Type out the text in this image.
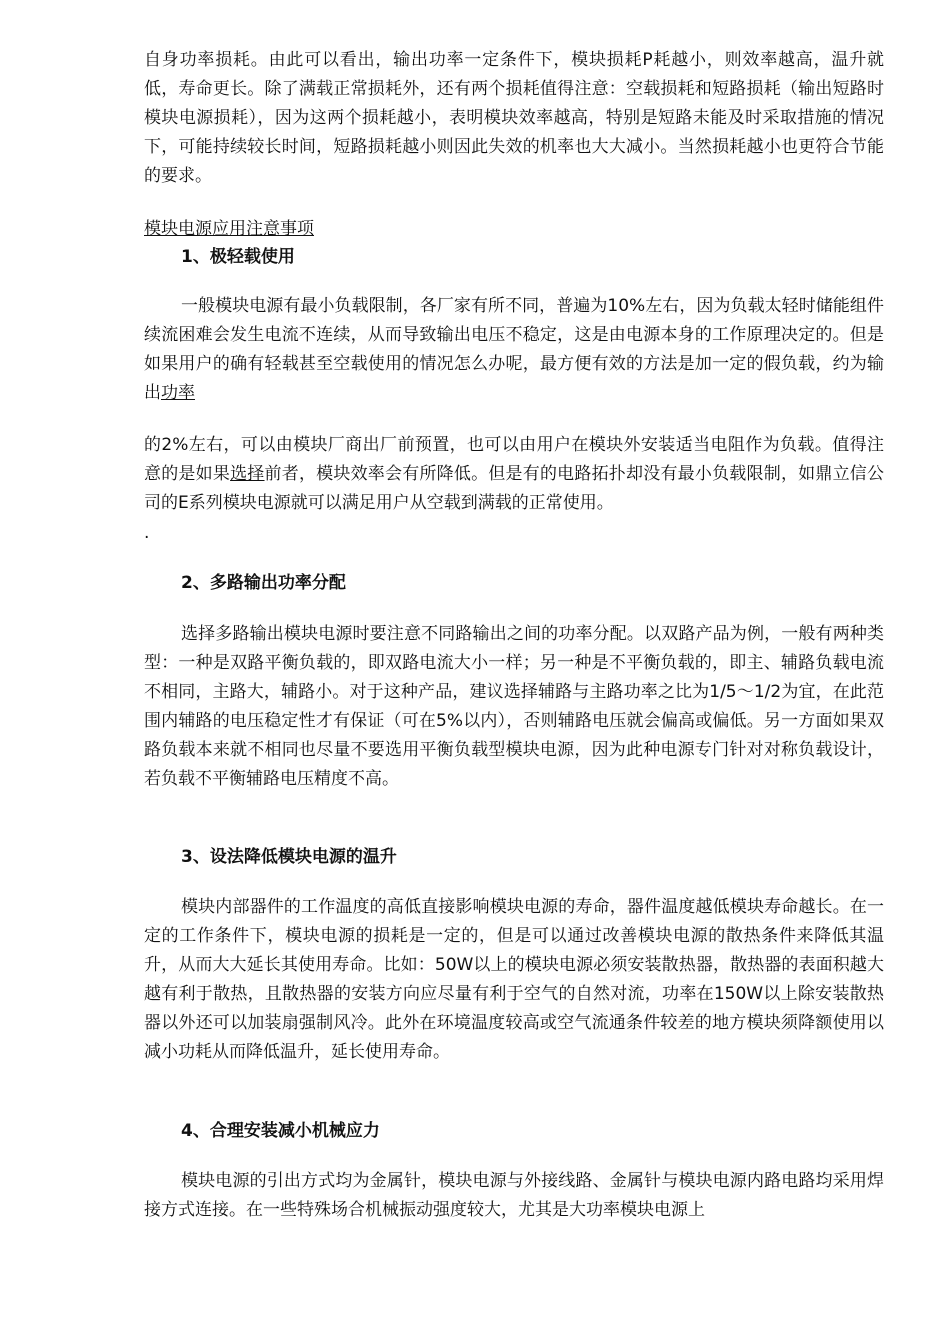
自身功率损耗。由此可以看出，输出功率一定条件下，模块损耗P耗越小，则效率越高，温升就低，寿命更长。除了满载正常损耗外，还有两个损耗值得注意：空载损耗和短路损耗（输出短路时模块电源损耗），因为这两个损耗越小，表明模块效率越高，特别是短路未能及时采取措施的情况下，可能持续较长时间，短路损耗越小则因此失效的机率也大大减小。当然损耗越小也更符合节能的要求。

模块电源应用注意事项

1、极轻载使用

一般模块电源有最小负载限制，各厂家有所不同，普遍为10%左右，因为负载太轻时储能组件续流困难会发生电流不连续，从而导致输出电压不稳定，这是由电源本身的工作原理决定的。但是如果用户的确有轻载甚至空载使用的情况怎么办呢，最方便有效的方法是加一定的假负载，约为输出功率

的2%左右，可以由模块厂商出厂前预置，也可以由用户在模块外安装适当电阻作为负载。值得注意的是如果选择前者，模块效率会有所降低。但是有的电路拓扑却没有最小负载限制，如鼎立信公司的E系列模块电源就可以满足用户从空载到满载的正常使用。

.

2、多路输出功率分配

选择多路输出模块电源时要注意不同路输出之间的功率分配。以双路产品为例，一般有两种类型：一种是双路平衡负载的，即双路电流大小一样；另一种是不平衡负载的，即主、辅路负载电流不相同，主路大，辅路小。对于这种产品，建议选择辅路与主路功率之比为1/5～1/2为宜，在此范围内辅路的电压稳定性才有保证（可在5%以内），否则辅路电压就会偏高或偏低。另一方面如果双路负载本来就不相同也尽量不要选用平衡负载型模块电源，因为此种电源专门针对对称负载设计，若负载不平衡辅路电压精度不高。

3、设法降低模块电源的温升

模块内部器件的工作温度的高低直接影响模块电源的寿命，器件温度越低模块寿命越长。在一定的工作条件下，模块电源的损耗是一定的，但是可以通过改善模块电源的散热条件来降低其温升，从而大大延长其使用寿命。比如：50W以上的模块电源必须安装散热器，散热器的表面积越大越有利于散热，且散热器的安装方向应尽量有利于空气的自然对流，功率在150W以上除安装散热器以外还可以加装扇强制风冷。此外在环境温度较高或空气流通条件较差的地方模块须降额使用以减小功耗从而降低温升，延长使用寿命。

4、合理安装减小机械应力

模块电源的引出方式均为金属针，模块电源与外接线路、金属针与模块电源内路电路均采用焊接方式连接。在一些特殊场合机械振动强度较大，尤其是大功率模块电源上
